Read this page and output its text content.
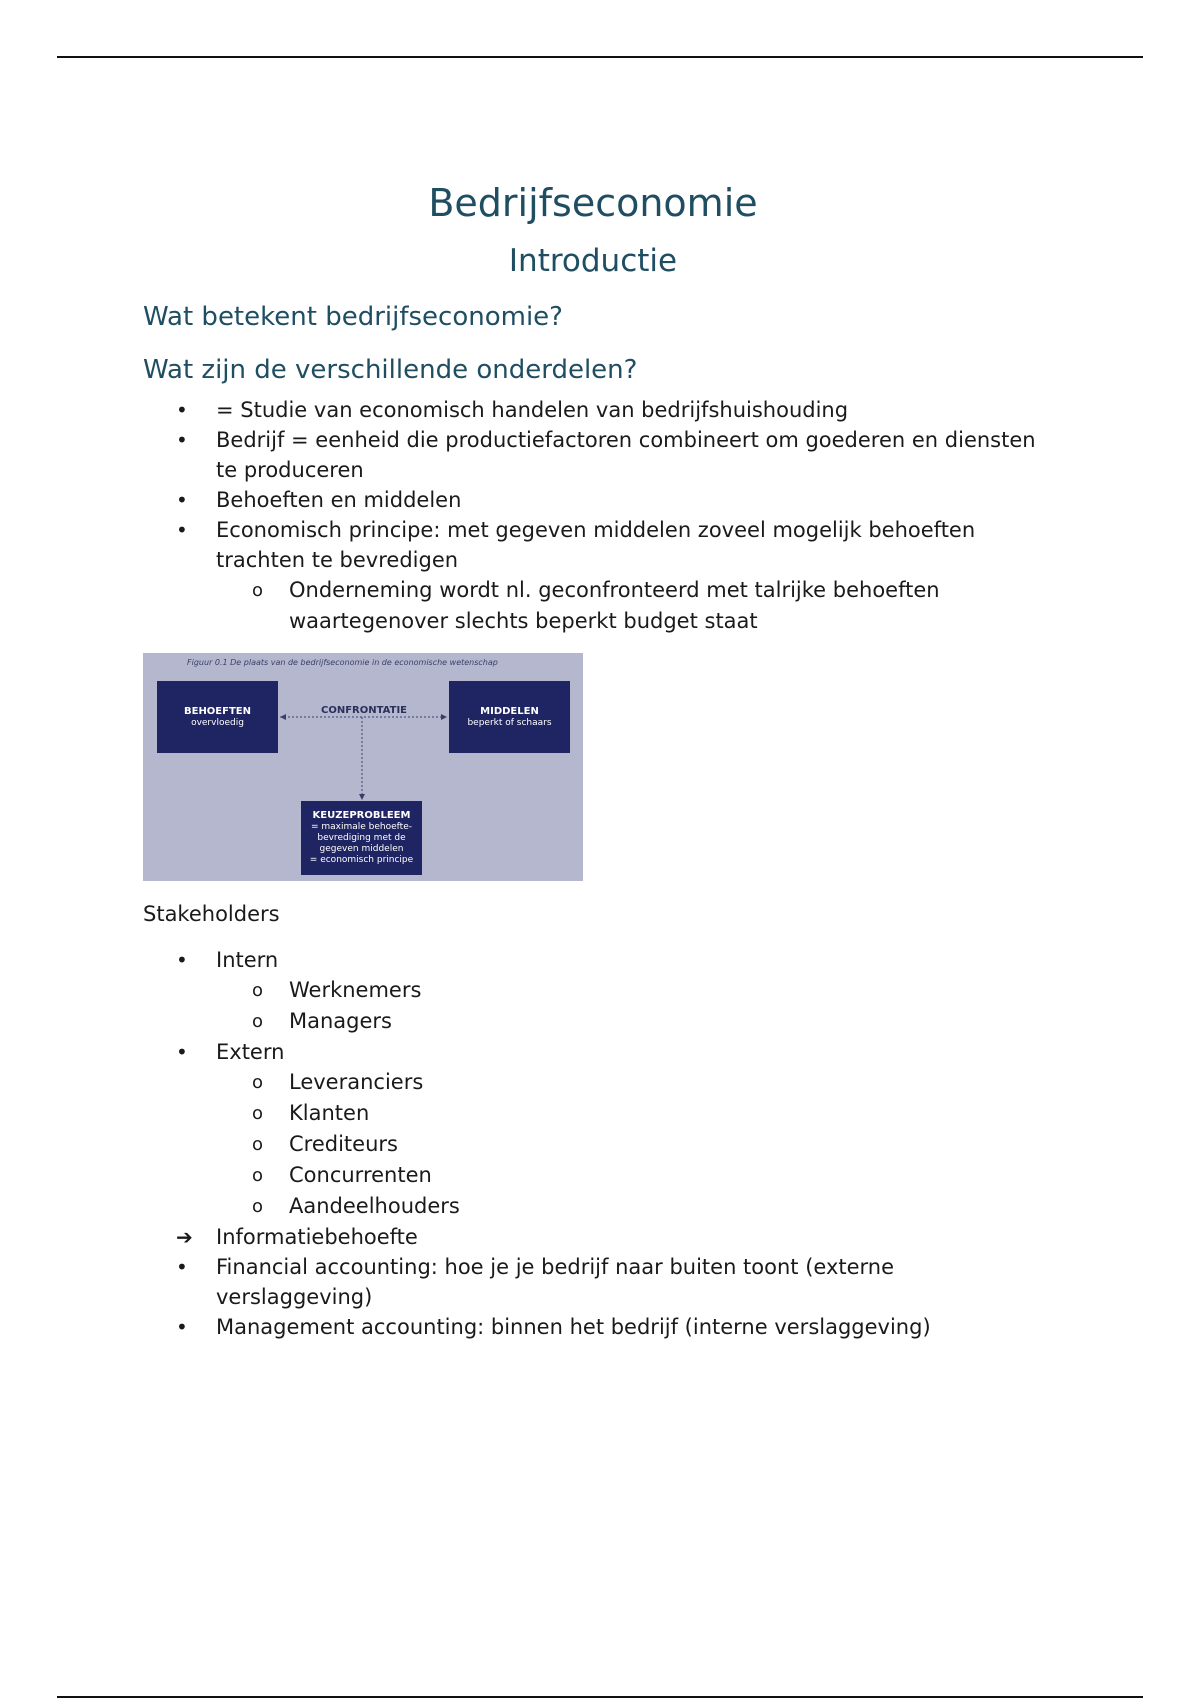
Bedrijfseconomie
Introductie
Wat betekent bedrijfseconomie?
Wat zijn de verschillende onderdelen?
•	= Studie van economisch handelen van bedrijfshuishouding
•	Bedrijf = eenheid die productiefactoren combineert om goederen en diensten te produceren
•	Behoeften en middelen
•	Economisch principe: met gegeven middelen zoveel mogelijk behoeften trachten te bevredigen
o Onderneming wordt nl. geconfronteerd met talrijke behoeften waartegenover slechts beperkt budget staat
Figuur 0.1 De plaats van de bedrijfseconomie in de economische wetenschap
BEHOEFTEN
overvloedig
CONFRONTATIE	MIDDELEN
beperkt of schaars
KEUZEPROBLEEM
= maximale behoefte-
bevrediging met de
gegeven middelen
= economisch principe

Stakeholders

•	Intern
o Werknemers
o Managers
•	Extern
o Leveranciers
o Klanten
o Crediteurs
o Concurrenten
o Aandeelhouders
➔ Informatiebehoefte
•	Financial accounting: hoe je je bedrijf naar buiten toont (externe verslaggeving)
•	Management accounting: binnen het bedrijf (interne verslaggeving)
